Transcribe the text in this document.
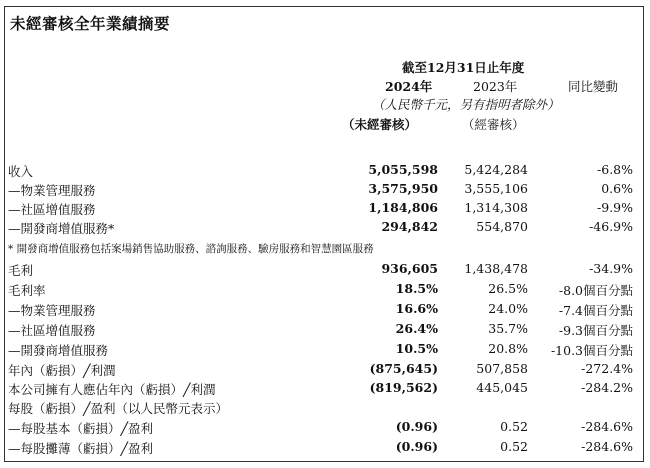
未經審核全年業績摘要
截至12月31日止年度
2024年	2023年	同比變動
（人民幣千元，另有指明者除外）
（未經審核）	（經審核）
收入	5,055,598 5,424,284	-6.8%
—物業管理服務	3,575,950 3,555,106	0.6%
—社區增值服務	1,184,806 1,314,308	-9.9%
—開發商增值服務*	294,842	554,870	-46.9%
* 開發商增值服務包括案場銷售協助服務、諮詢服務、驗房服務和智慧園區服務
毛利	936,605 1,438,478	-34.9%
毛利率	18.5%	26.5% -8.0個百分點
—物業管理服務	16.6%	24.0% -7.4個百分點
—社區增值服務	26.4%	35.7% -9.3個百分點
—開發商增值服務	10.5%	20.8% -10.3個百分點
年內（虧損）╱利潤	(875,645)	507,858	-272.4%
本公司擁有人應佔年內（虧損）╱利潤	(819,562)	445,045	-284.2%
每股（虧損）╱盈利（以人民幣元表示）
—每股基本（虧損）╱盈利	(0.96)	0.52	-284.6%
—每股攤薄（虧損）╱盈利	(0.96)	0.52	-284.6%
